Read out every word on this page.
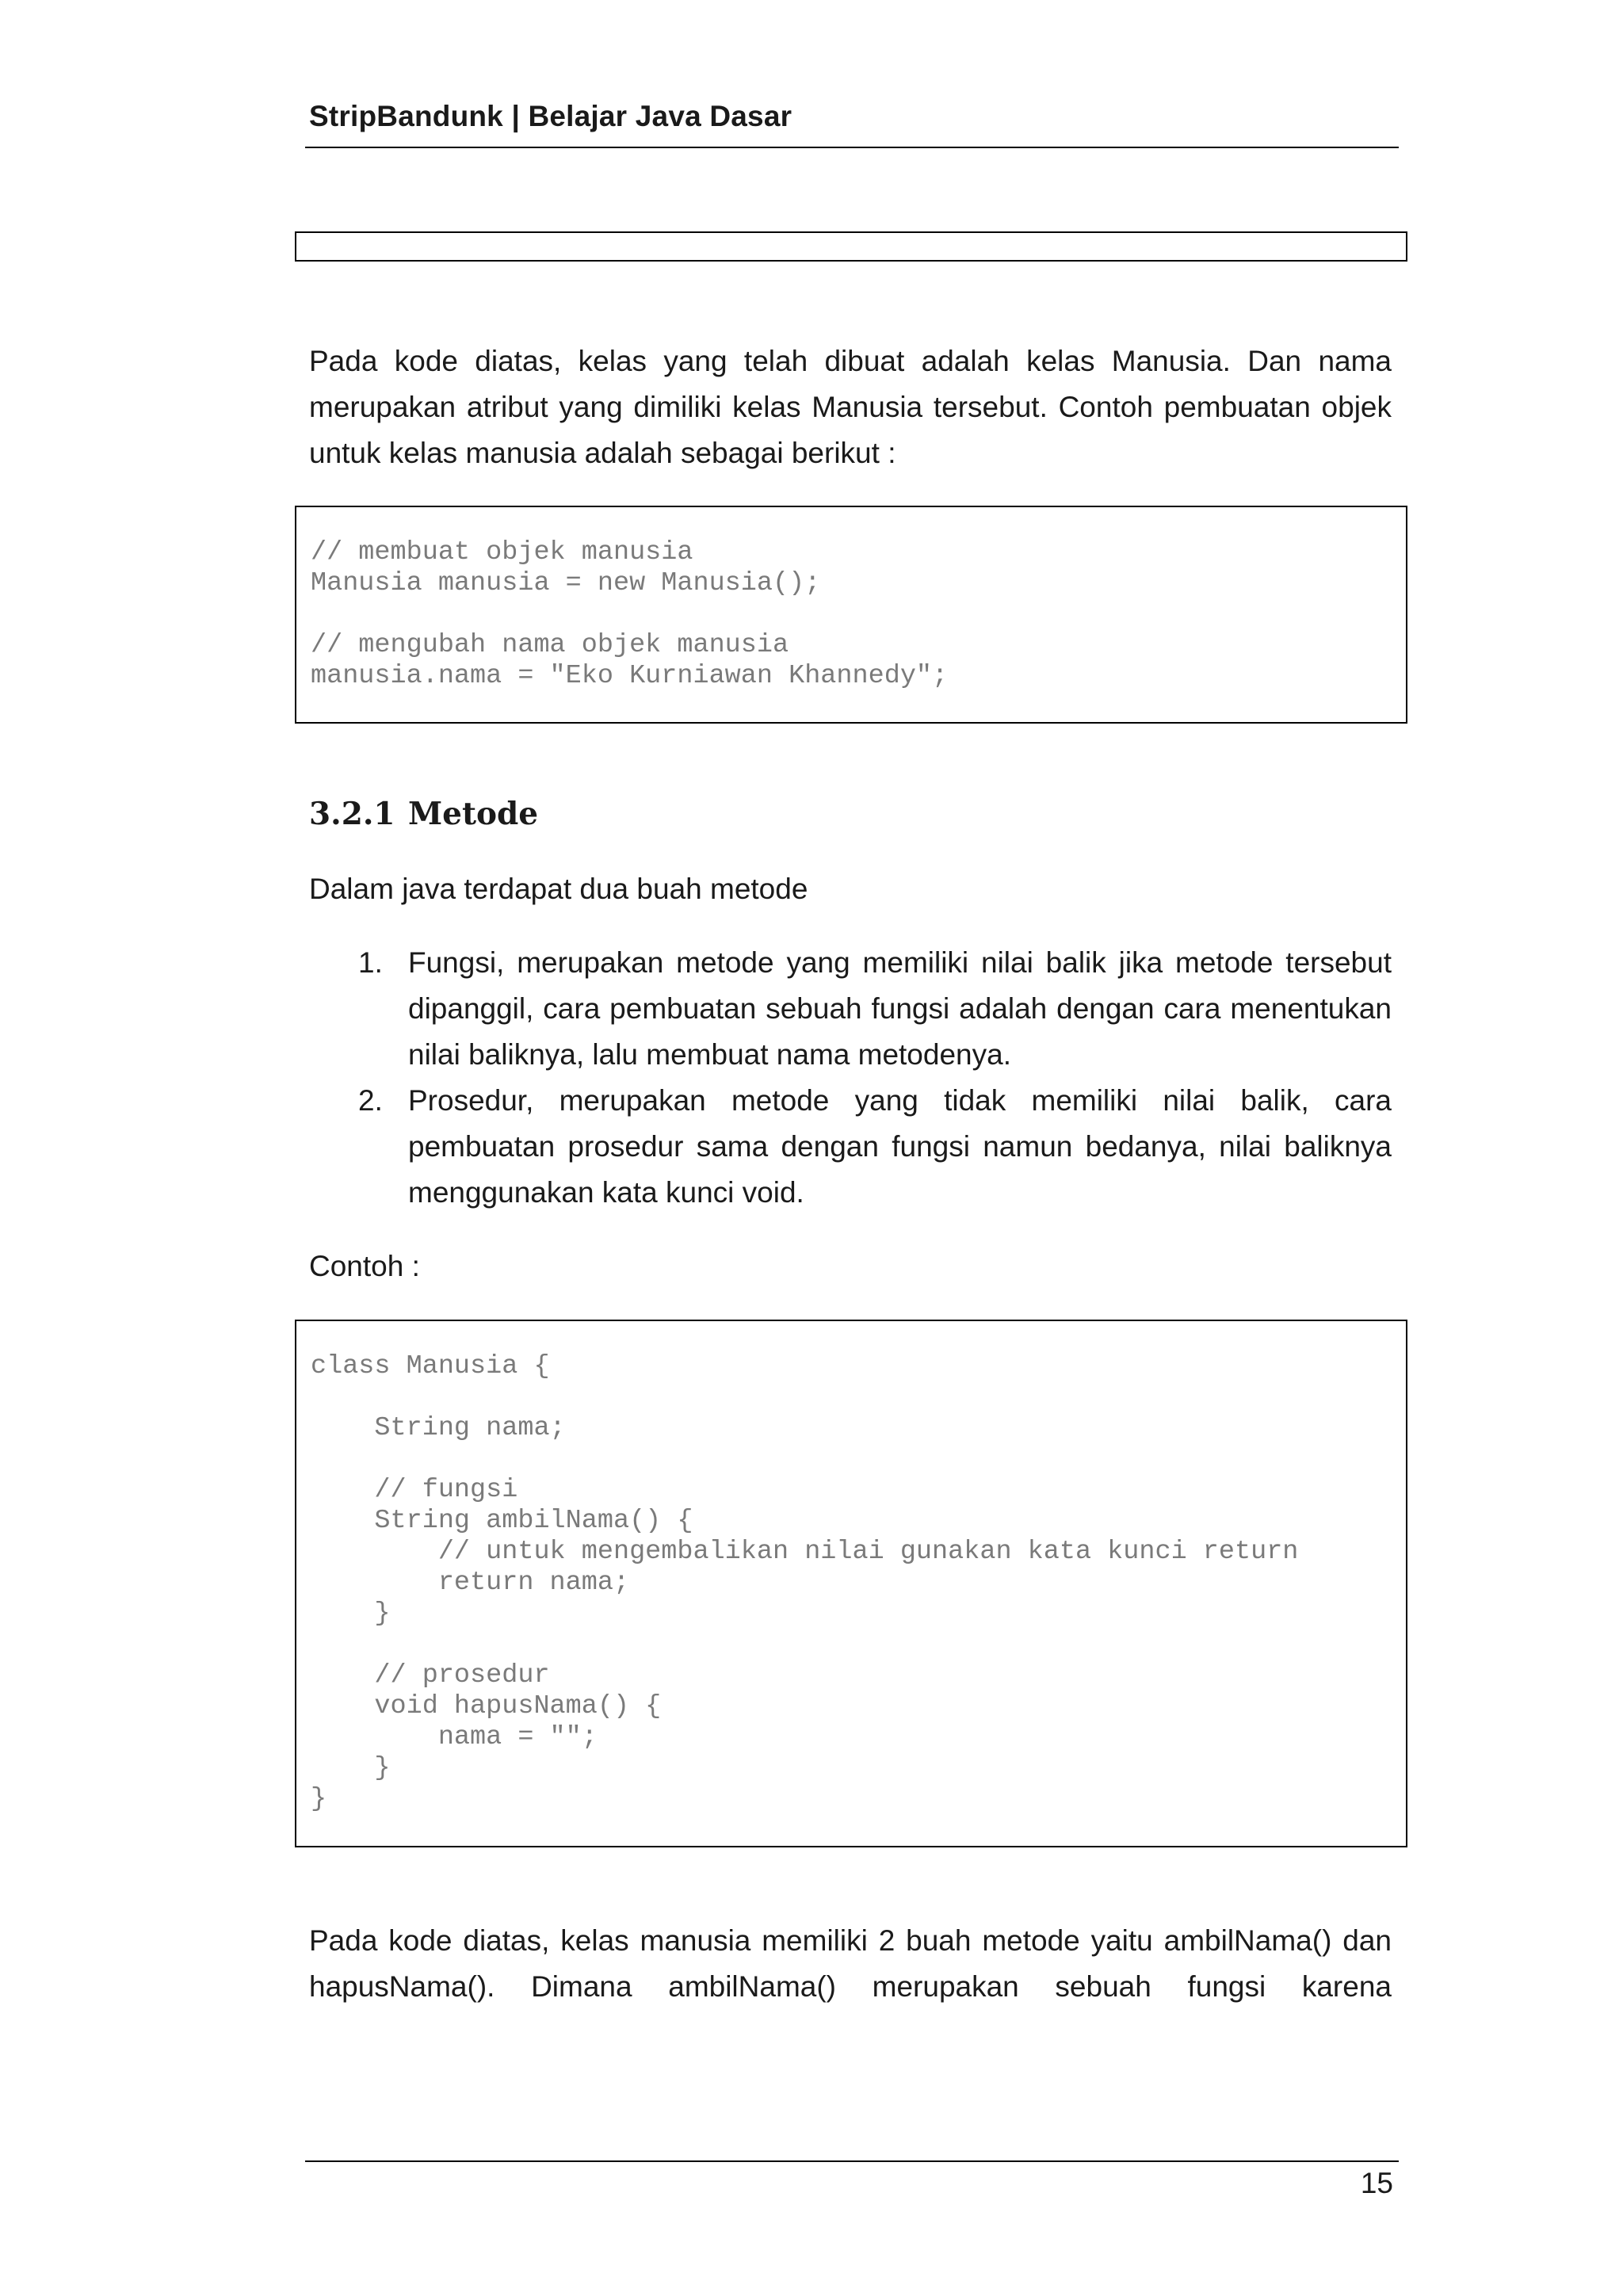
StripBandunk | Belajar Java Dasar

Pada kode diatas, kelas yang telah dibuat adalah kelas Manusia. Dan nama merupakan atribut yang dimiliki kelas Manusia tersebut. Contoh pembuatan objek untuk kelas manusia adalah sebagai berikut :

// membuat objek manusia
Manusia manusia = new Manusia();

// mengubah nama objek manusia
manusia.nama = "Eko Kurniawan Khannedy";
3.2.1 Metode

Dalam java terdapat dua buah metode

1. Fungsi, merupakan metode yang memiliki nilai balik jika metode tersebut dipanggil, cara pembuatan sebuah fungsi adalah dengan cara menentukan nilai baliknya, lalu membuat nama metodenya.
2. Prosedur, merupakan metode yang tidak memiliki nilai balik, cara pembuatan prosedur sama dengan fungsi namun bedanya, nilai baliknya menggunakan kata kunci void.

Contoh :

class Manusia {

String nama;

// fungsi
String ambilNama() {
// untuk mengembalikan nilai gunakan kata kunci return
return nama;
}

// prosedur
void hapusNama() {
nama = "";
}
}

Pada kode diatas, kelas manusia memiliki 2 buah metode yaitu ambilNama() dan hapusNama(). Dimana ambilNama() merupakan sebuah fungsi karena

15
